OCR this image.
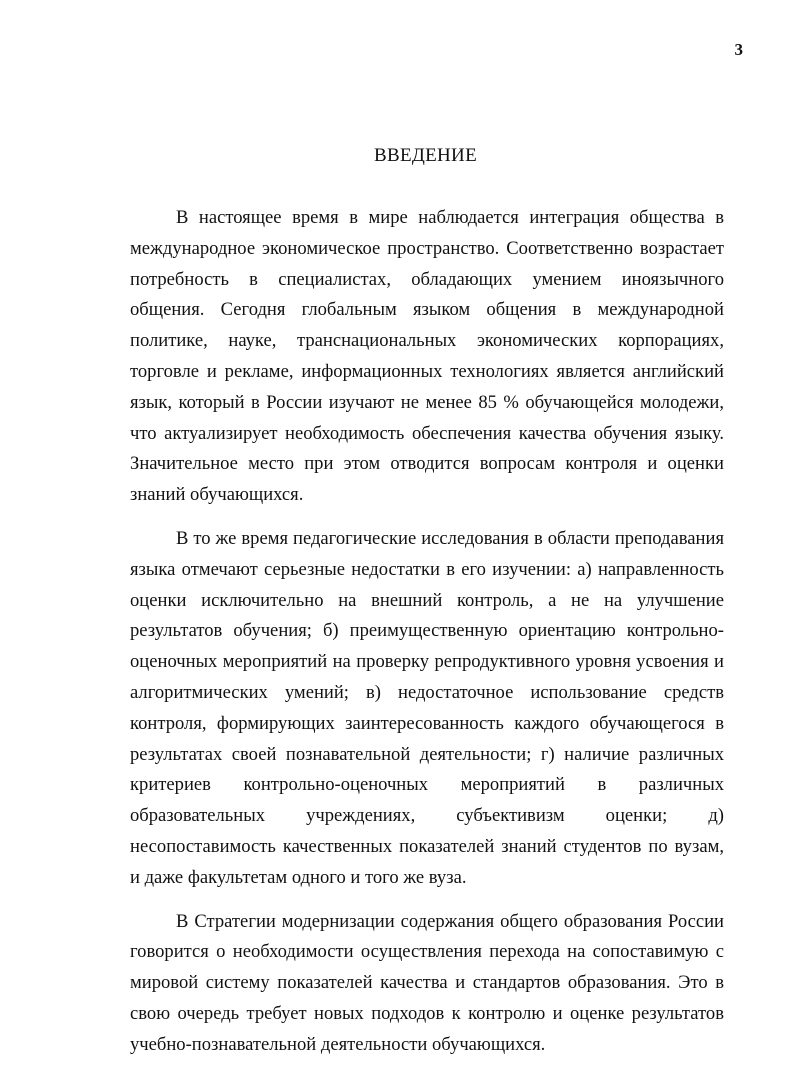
3
ВВЕДЕНИЕ

В настоящее время в мире наблюдается интеграция общества в международное экономическое пространство. Соответственно возрастает потребность в специалистах, обладающих умением иноязычного общения. Сегодня глобальным языком общения в международной политике, науке, транснациональных экономических корпорациях, торговле и рекламе, информационных технологиях является английский язык, который в России изучают не менее 85 % обучающейся молодежи, что актуализирует необходимость обеспечения качества обучения языку. Значительное место при этом отводится вопросам контроля и оценки знаний обучающихся.

В то же время педагогические исследования в области преподавания языка отмечают серьезные недостатки в его изучении: а) направленность оценки исключительно на внешний контроль, а не на улучшение результатов обучения; б) преимущественную ориентацию контрольно-оценочных мероприятий на проверку репродуктивного уровня усвоения и алгоритмических умений; в) недостаточное использование средств контроля, формирующих заинтересованность каждого обучающегося в результатах своей познавательной деятельности; г) наличие различных критериев контрольно-оценочных мероприятий в различных образовательных учреждениях, субъективизм оценки; д) несопоставимость качественных показателей знаний студентов по вузам, и даже факультетам одного и того же вуза.

В Стратегии модернизации содержания общего образования России говорится о необходимости осуществления перехода на сопоставимую с мировой систему показателей качества и стандартов образования. Это в свою очередь требует новых подходов к контролю и оценке результатов учебно-познавательной деятельности обучающихся.
